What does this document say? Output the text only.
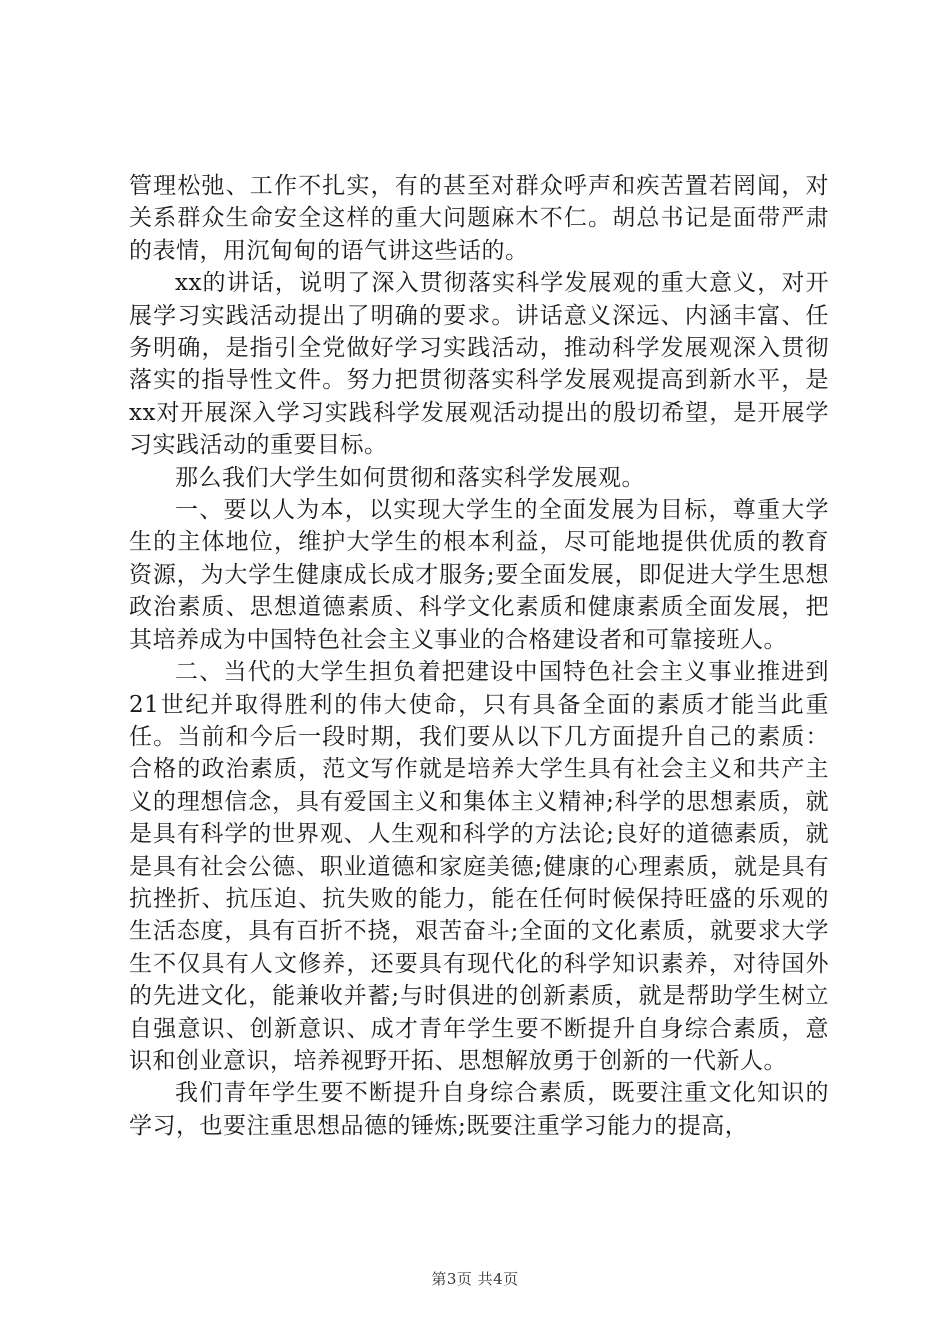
管理松弛、工作不扎实，有的甚至对群众呼声和疾苦置若罔闻，对关系群众生命安全这样的重大问题麻木不仁。胡总书记是面带严肃的表情，用沉甸甸的语气讲这些话的。

xx的讲话，说明了深入贯彻落实科学发展观的重大意义，对开展学习实践活动提出了明确的要求。讲话意义深远、内涵丰富、任务明确，是指引全党做好学习实践活动，推动科学发展观深入贯彻落实的指导性文件。努力把贯彻落实科学发展观提高到新水平，是xx对开展深入学习实践科学发展观活动提出的殷切希望，是开展学习实践活动的重要目标。

那么我们大学生如何贯彻和落实科学发展观。

一、要以人为本，以实现大学生的全面发展为目标，尊重大学生的主体地位，维护大学生的根本利益，尽可能地提供优质的教育资源，为大学生健康成长成才服务;要全面发展，即促进大学生思想政治素质、思想道德素质、科学文化素质和健康素质全面发展，把其培养成为中国特色社会主义事业的合格建设者和可靠接班人。

二、当代的大学生担负着把建设中国特色社会主义事业推进到21世纪并取得胜利的伟大使命，只有具备全面的素质才能当此重任。当前和今后一段时期，我们要从以下几方面提升自己的素质：合格的政治素质，范文写作就是培养大学生具有社会主义和共产主义的理想信念，具有爱国主义和集体主义精神;科学的思想素质，就是具有科学的世界观、人生观和科学的方法论;良好的道德素质，就是具有社会公德、职业道德和家庭美德;健康的心理素质，就是具有抗挫折、抗压迫、抗失败的能力，能在任何时候保持旺盛的乐观的生活态度，具有百折不挠，艰苦奋斗;全面的文化素质，就要求大学生不仅具有人文修养，还要具有现代化的科学知识素养，对待国外的先进文化，能兼收并蓄;与时俱进的创新素质，就是帮助学生树立自强意识、创新意识、成才青年学生要不断提升自身综合素质，意识和创业意识，培养视野开拓、思想解放勇于创新的一代新人。

我们青年学生要不断提升自身综合素质，既要注重文化知识的学习，也要注重思想品德的锤炼;既要注重学习能力的提高，

第3页 共4页
